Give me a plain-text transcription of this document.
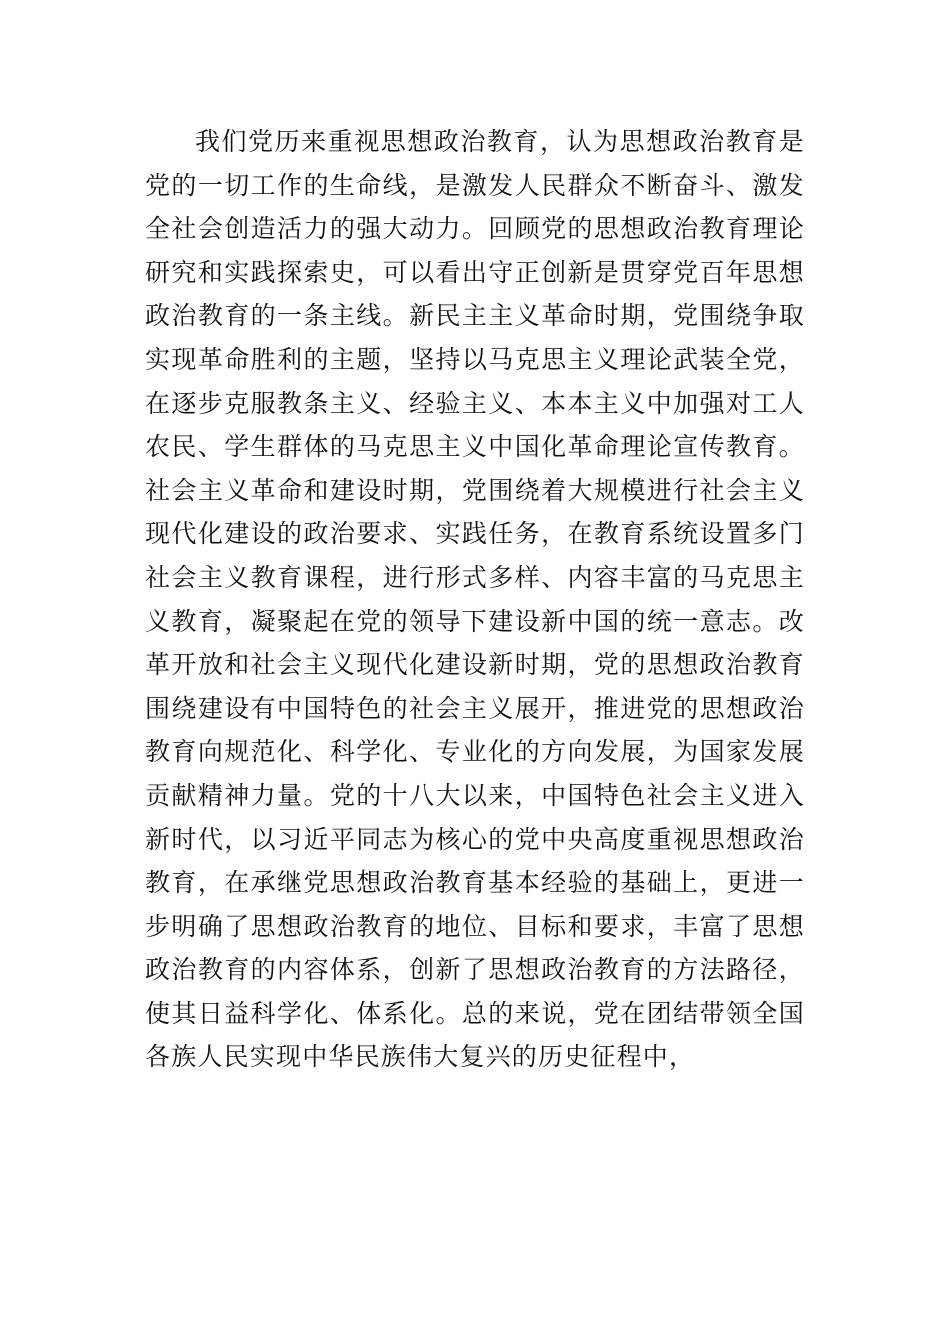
我们党历来重视思想政治教育，认为思想政治教育是党的一切工作的生命线，是激发人民群众不断奋斗、激发全社会创造活力的强大动力。回顾党的思想政治教育理论研究和实践探索史，可以看出守正创新是贯穿党百年思想政治教育的一条主线。新民主主义革命时期，党围绕争取实现革命胜利的主题，坚持以马克思主义理论武装全党，在逐步克服教条主义、经验主义、本本主义中加强对工人农民、学生群体的马克思主义中国化革命理论宣传教育。社会主义革命和建设时期，党围绕着大规模进行社会主义现代化建设的政治要求、实践任务，在教育系统设置多门社会主义教育课程，进行形式多样、内容丰富的马克思主义教育，凝聚起在党的领导下建设新中国的统一意志。改革开放和社会主义现代化建设新时期，党的思想政治教育围绕建设有中国特色的社会主义展开，推进党的思想政治教育向规范化、科学化、专业化的方向发展，为国家发展贡献精神力量。党的十八大以来，中国特色社会主义进入新时代，以习近平同志为核心的党中央高度重视思想政治教育，在承继党思想政治教育基本经验的基础上，更进一步明确了思想政治教育的地位、目标和要求，丰富了思想政治教育的内容体系，创新了思想政治教育的方法路径，使其日益科学化、体系化。总的来说，党在团结带领全国各族人民实现中华民族伟大复兴的历史征程中，
